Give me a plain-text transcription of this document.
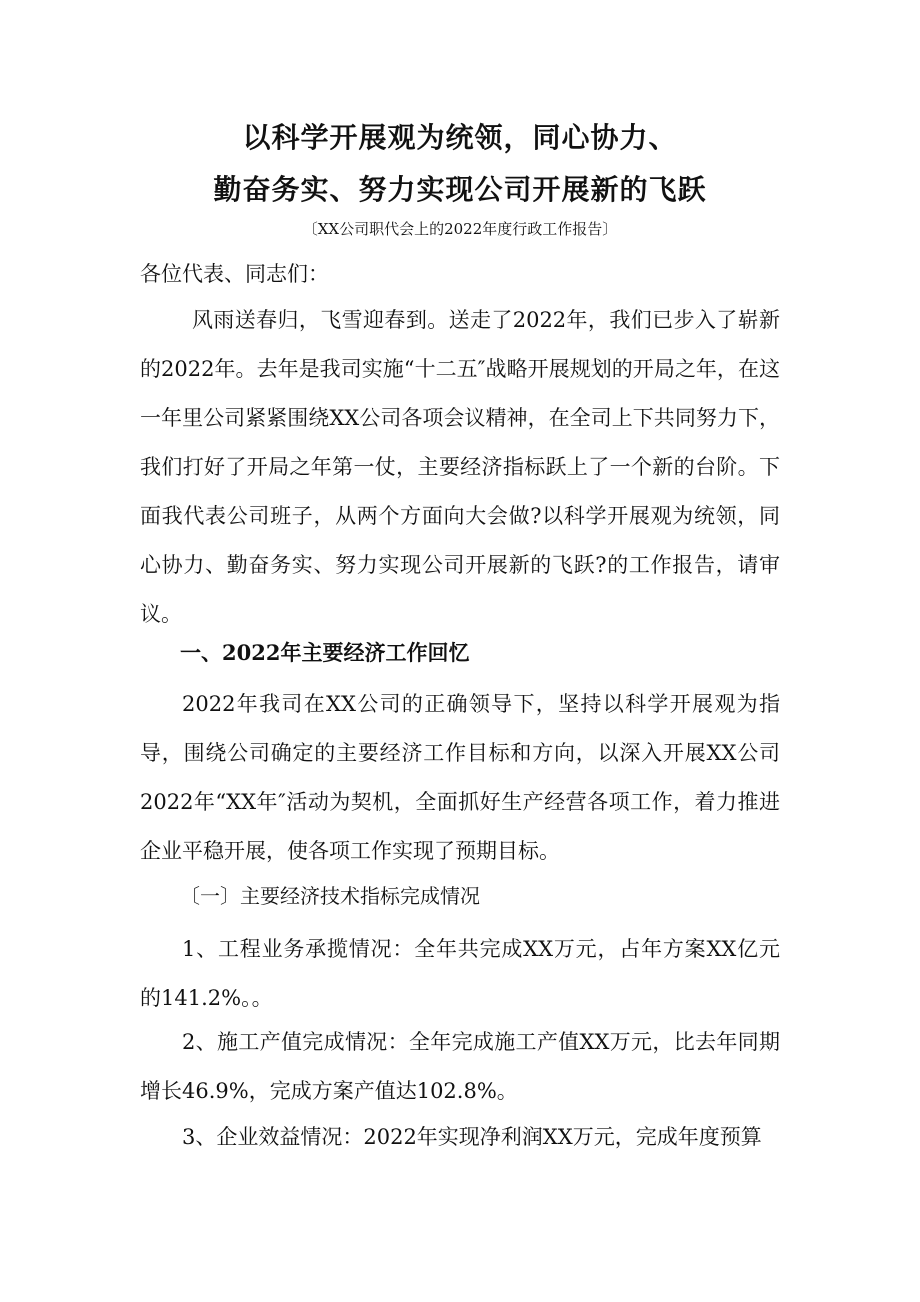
以科学开展观为统领，同心协力、
勤奋务实、努力实现公司开展新的飞跃
〔XX公司职代会上的2022年度行政工作报告〕
各位代表、同志们：

风雨送春归，飞雪迎春到。送走了2022年，我们已步入了崭新的2022年。去年是我司实施“十二五″战略开展规划的开局之年，在这一年里公司紧紧围绕XX公司各项会议精神，在全司上下共同努力下，我们打好了开局之年第一仗，主要经济指标跃上了一个新的台阶。下面我代表公司班子，从两个方面向大会做?以科学开展观为统领，同心协力、勤奋务实、努力实现公司开展新的飞跃?的工作报告，请审议。

一、2022年主要经济工作回忆

2022年我司在XX公司的正确领导下，坚持以科学开展观为指导，围绕公司确定的主要经济工作目标和方向，以深入开展XX公司2022年“XX年″活动为契机，全面抓好生产经营各项工作，着力推进企业平稳开展，使各项工作实现了预期目标。

〔一〕主要经济技术指标完成情况

1、工程业务承揽情况：全年共完成XX万元，占年方案XX亿元的141.2%。。

2、施工产值完成情况：全年完成施工产值XX万元，比去年同期增长46.9%，完成方案产值达102.8%。

3、企业效益情况：2022年实现净利润XX万元，完成年度预算
